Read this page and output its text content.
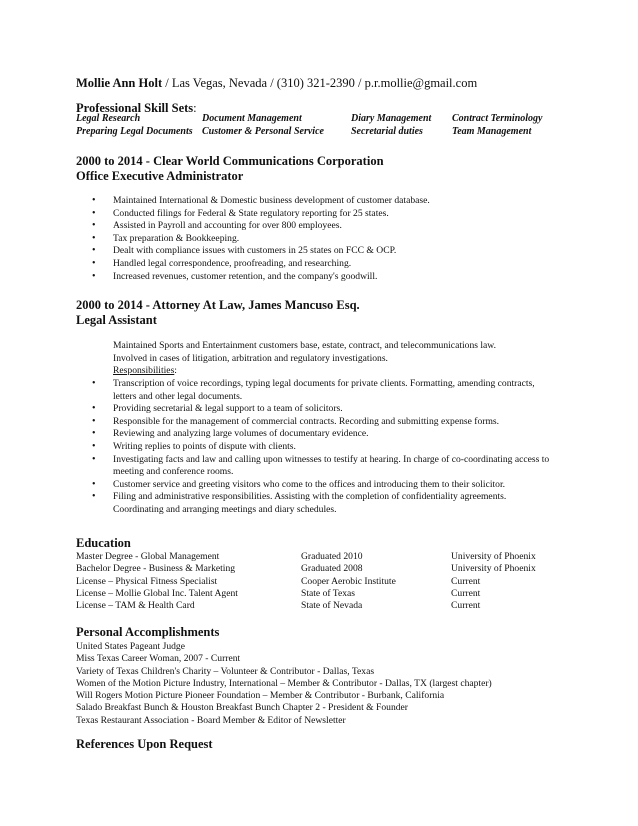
Mollie Ann Holt / Las Vegas, Nevada / (310) 321-2390 / p.r.mollie@gmail.com
Professional Skill Sets:
Legal Research	Document Management	Diary Management	Contract Terminology
Preparing Legal Documents	Customer & Personal Service	Secretarial duties	Team Management
2000 to 2014 - Clear World Communications Corporation
Office Executive Administrator
• Maintained International & Domestic business development of customer database.
• Conducted filings for Federal & State regulatory reporting for 25 states.
• Assisted in Payroll and accounting for over 800 employees.
• Tax preparation & Bookkeeping.
• Dealt with compliance issues with customers in 25 states on FCC & OCP.
• Handled legal correspondence, proofreading, and researching.
• Increased revenues, customer retention, and the company's goodwill.
2000 to 2014 - Attorney At Law, James Mancuso Esq.
Legal Assistant
Maintained Sports and Entertainment customers base, estate, contract, and telecommunications law.
Involved in cases of litigation, arbitration and regulatory investigations.
Responsibilities:
• Transcription of voice recordings, typing legal documents for private clients. Formatting, amending contracts, letters and other legal documents.
• Providing secretarial & legal support to a team of solicitors.
• Responsible for the management of commercial contracts. Recording and submitting expense forms.
• Reviewing and analyzing large volumes of documentary evidence.
• Writing replies to points of dispute with clients.
• Investigating facts and law and calling upon witnesses to testify at hearing. In charge of co-coordinating access to meeting and conference rooms.
• Customer service and greeting visitors who come to the offices and introducing them to their solicitor.
• Filing and administrative responsibilities. Assisting with the completion of confidentiality agreements. Coordinating and arranging meetings and diary schedules.
Education
Master Degree - Global Management	Graduated 2010	University of Phoenix
Bachelor Degree - Business & Marketing	Graduated 2008	University of Phoenix
License – Physical Fitness Specialist	Cooper Aerobic Institute	Current
License – Mollie Global Inc. Talent Agent	State of Texas	Current
License – TAM & Health Card	State of Nevada	Current
Personal Accomplishments
United States Pageant Judge
Miss Texas Career Woman, 2007 - Current
Variety of Texas Children's Charity – Volunteer & Contributor - Dallas, Texas
Women of the Motion Picture Industry, International – Member & Contributor - Dallas, TX (largest chapter)
Will Rogers Motion Picture Pioneer Foundation – Member & Contributor - Burbank, California
Salado Breakfast Bunch & Houston Breakfast Bunch Chapter 2 - President & Founder
Texas Restaurant Association - Board Member & Editor of Newsletter
References Upon Request
